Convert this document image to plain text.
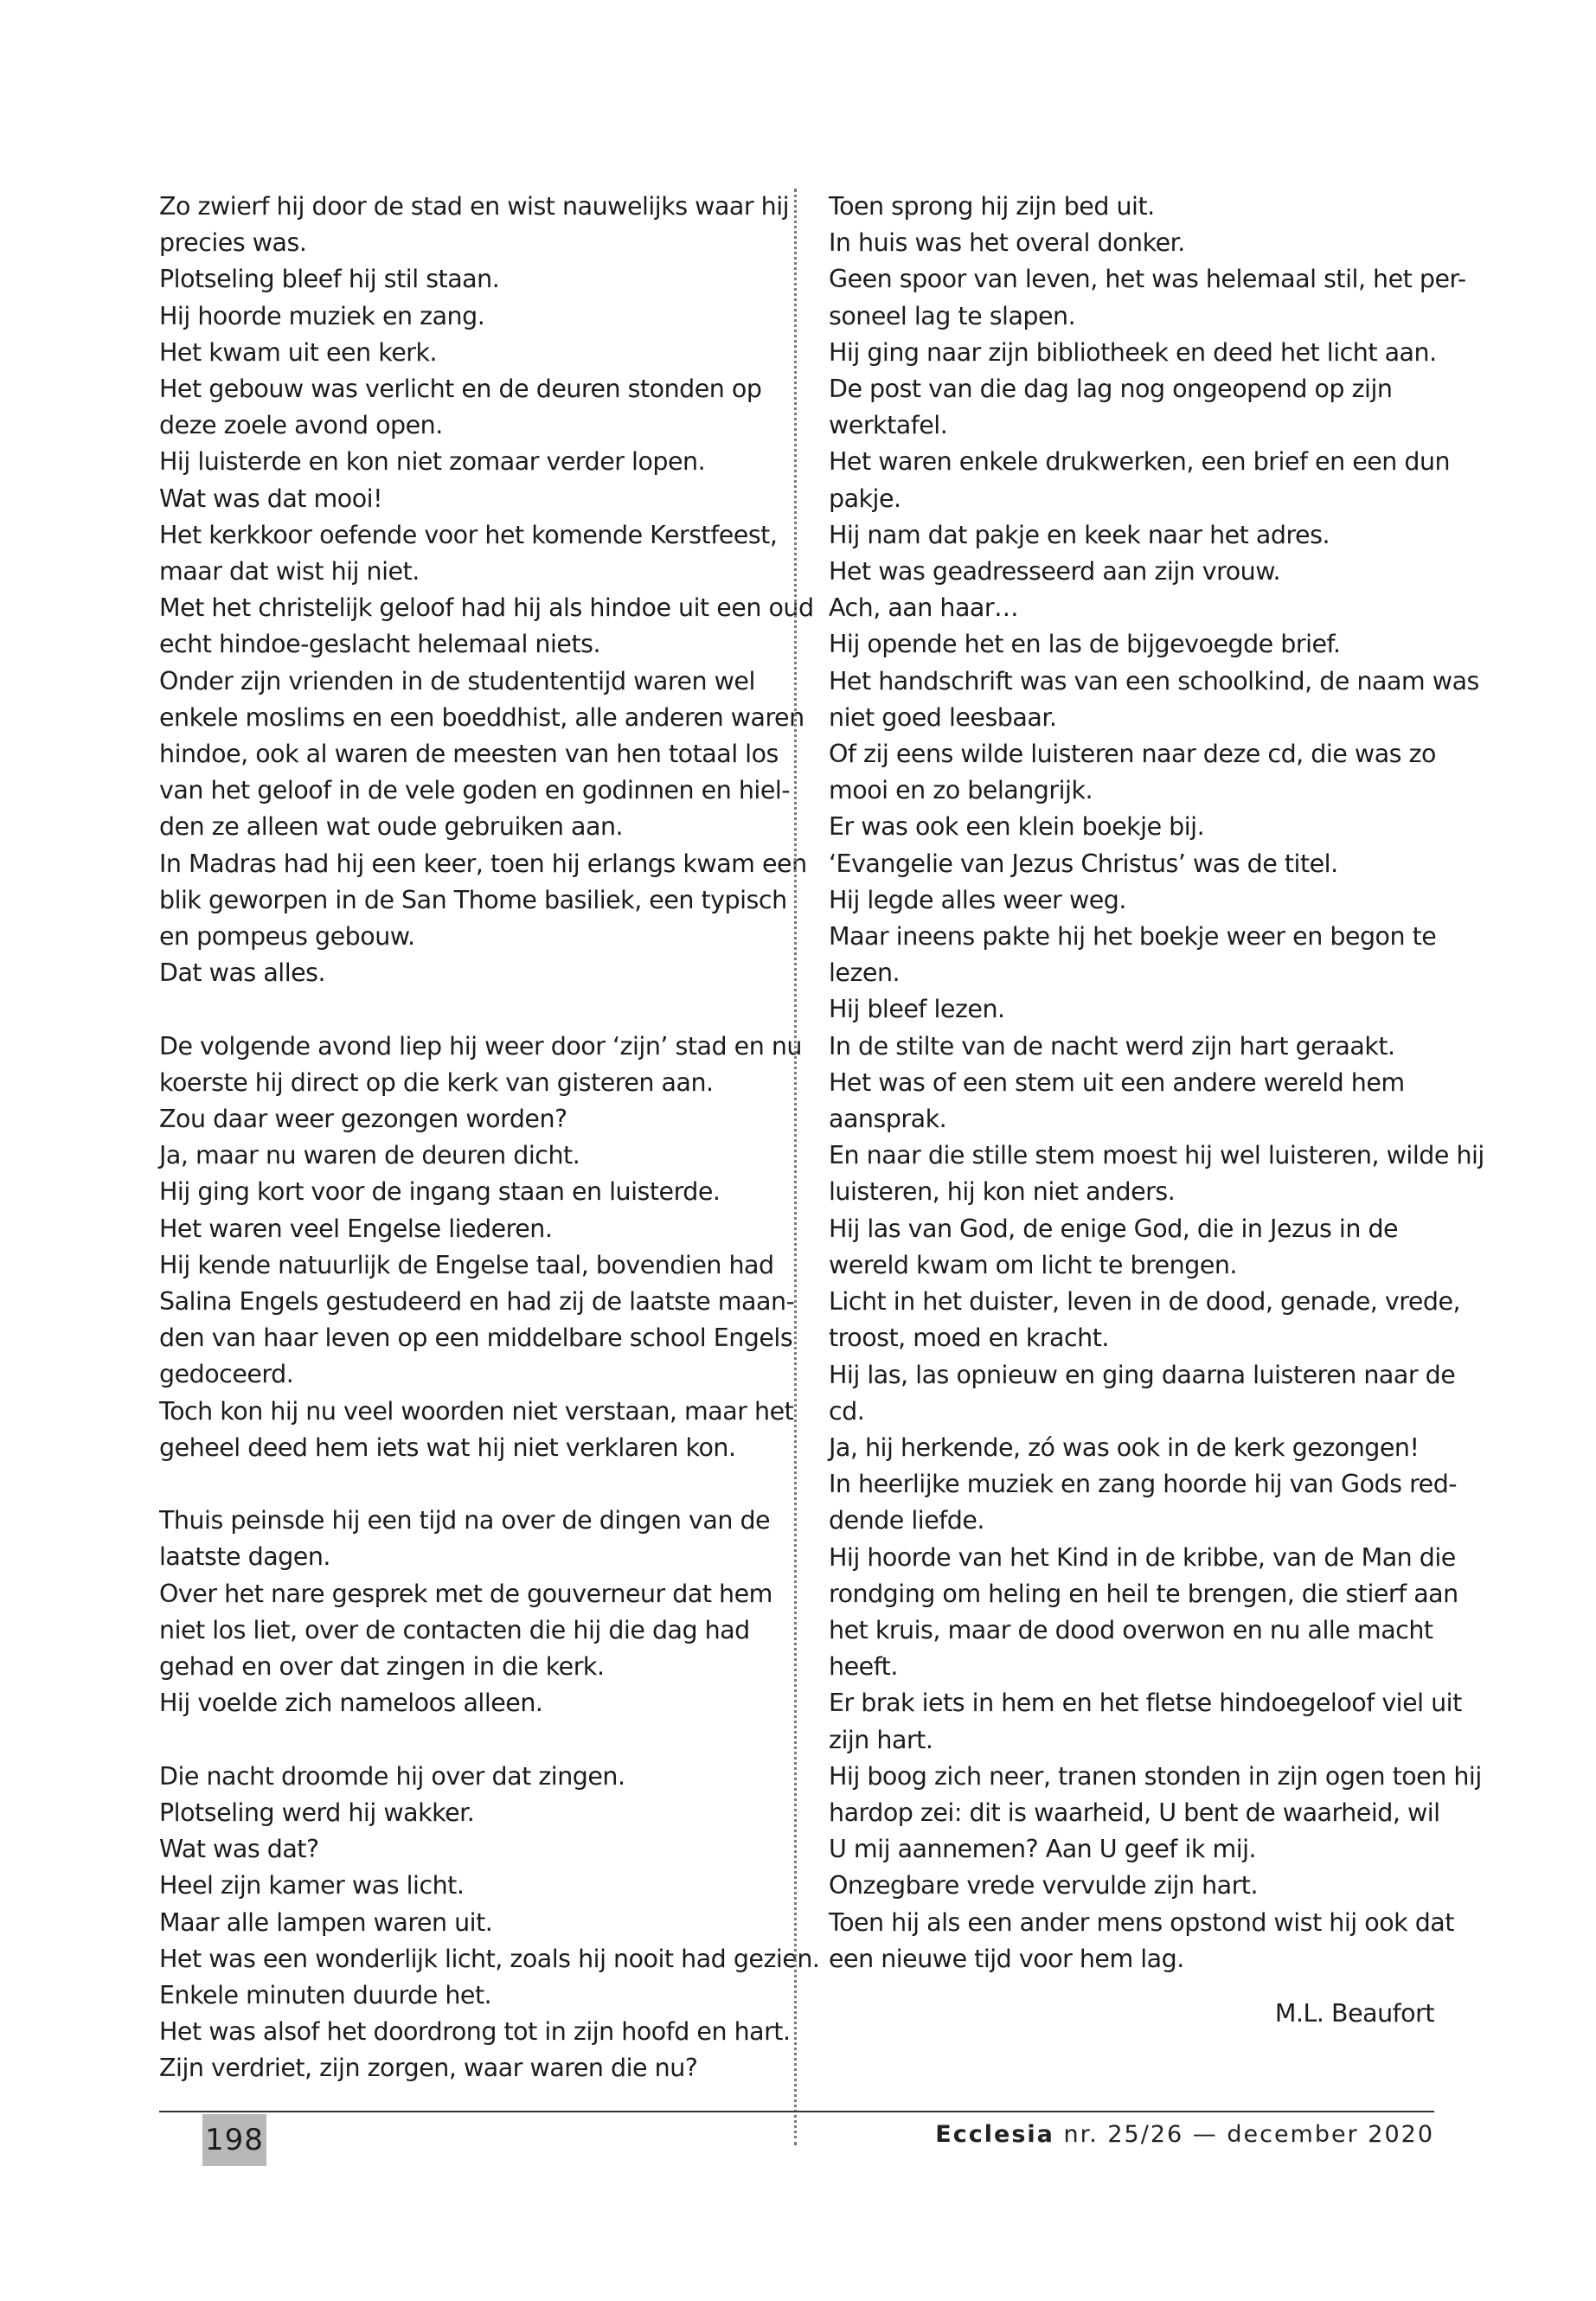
Zo zwierf hij door de stad en wist nauwelijks waar hij
precies was.
Plotseling bleef hij stil staan.
Hij hoorde muziek en zang.
Het kwam uit een kerk.
Het gebouw was verlicht en de deuren stonden op
deze zoele avond open.
Hij luisterde en kon niet zomaar verder lopen.
Wat was dat mooi!
Het kerkkoor oefende voor het komende Kerstfeest,
maar dat wist hij niet.
Met het christelijk geloof had hij als hindoe uit een oud
echt hindoe-geslacht helemaal niets.
Onder zijn vrienden in de studententijd waren wel
enkele moslims en een boeddhist, alle anderen waren
hindoe, ook al waren de meesten van hen totaal los
van het geloof in de vele goden en godinnen en hiel-
den ze alleen wat oude gebruiken aan.
In Madras had hij een keer, toen hij erlangs kwam een
blik geworpen in de San Thome basiliek, een typisch
en pompeus gebouw.
Dat was alles.
De volgende avond liep hij weer door ‘zijn’ stad en nu
koerste hij direct op die kerk van gisteren aan.
Zou daar weer gezongen worden?
Ja, maar nu waren de deuren dicht.
Hij ging kort voor de ingang staan en luisterde.
Het waren veel Engelse liederen.
Hij kende natuurlijk de Engelse taal, bovendien had
Salina Engels gestudeerd en had zij de laatste maan-
den van haar leven op een middelbare school Engels
gedoceerd.
Toch kon hij nu veel woorden niet verstaan, maar het
geheel deed hem iets wat hij niet verklaren kon.
Thuis peinsde hij een tijd na over de dingen van de
laatste dagen.
Over het nare gesprek met de gouverneur dat hem
niet los liet, over de contacten die hij die dag had
gehad en over dat zingen in die kerk.
Hij voelde zich nameloos alleen.
Die nacht droomde hij over dat zingen.
Plotseling werd hij wakker.
Wat was dat?
Heel zijn kamer was licht.
Maar alle lampen waren uit.
Het was een wonderlijk licht, zoals hij nooit had gezien.
Enkele minuten duurde het.
Het was alsof het doordrong tot in zijn hoofd en hart.
Zijn verdriet, zijn zorgen, waar waren die nu?
Toen sprong hij zijn bed uit.
In huis was het overal donker.
Geen spoor van leven, het was helemaal stil, het per-
soneel lag te slapen.
Hij ging naar zijn bibliotheek en deed het licht aan.
De post van die dag lag nog ongeopend op zijn
werktafel.
Het waren enkele drukwerken, een brief en een dun
pakje.
Hij nam dat pakje en keek naar het adres.
Het was geadresseerd aan zijn vrouw.
Ach, aan haar…
Hij opende het en las de bijgevoegde brief.
Het handschrift was van een schoolkind, de naam was
niet goed leesbaar.
Of zij eens wilde luisteren naar deze cd, die was zo
mooi en zo belangrijk.
Er was ook een klein boekje bij.
‘Evangelie van Jezus Christus’ was de titel.
Hij legde alles weer weg.
Maar ineens pakte hij het boekje weer en begon te
lezen.
Hij bleef lezen.
In de stilte van de nacht werd zijn hart geraakt.
Het was of een stem uit een andere wereld hem
aansprak.
En naar die stille stem moest hij wel luisteren, wilde hij
luisteren, hij kon niet anders.
Hij las van God, de enige God, die in Jezus in de
wereld kwam om licht te brengen.
Licht in het duister, leven in de dood, genade, vrede,
troost, moed en kracht.
Hij las, las opnieuw en ging daarna luisteren naar de
cd.
Ja, hij herkende, zó was ook in de kerk gezongen!
In heerlijke muziek en zang hoorde hij van Gods red-
dende liefde.
Hij hoorde van het Kind in de kribbe, van de Man die
rondging om heling en heil te brengen, die stierf aan
het kruis, maar de dood overwon en nu alle macht
heeft.
Er brak iets in hem en het fletse hindoegeloof viel uit
zijn hart.
Hij boog zich neer, tranen stonden in zijn ogen toen hij
hardop zei: dit is waarheid, U bent de waarheid, wil
U mij aannemen? Aan U geef ik mij.
Onzegbare vrede vervulde zijn hart.
Toen hij als een ander mens opstond wist hij ook dat
een nieuwe tijd voor hem lag.
M.L. Beaufort
198	Ecclesia nr. 25/26 — december 2020
